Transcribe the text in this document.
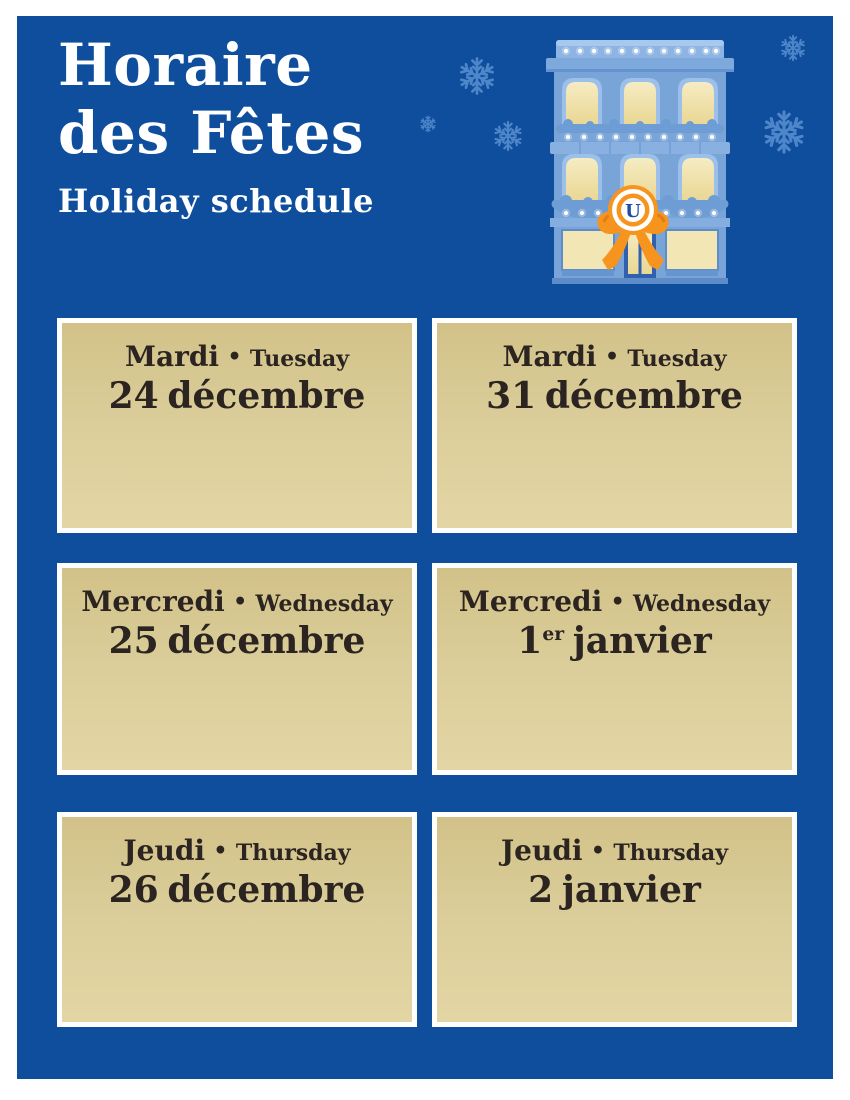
Horaire
des Fêtes
Holiday schedule	U
Mardi • Tuesday
24 décembre
Mardi • Tuesday
31 décembre
Mercredi • Wednesday
25 décembre
Mercredi • Wednesday
1er janvier
Jeudi • Thursday
26 décembre
Jeudi • Thursday
2 janvier
